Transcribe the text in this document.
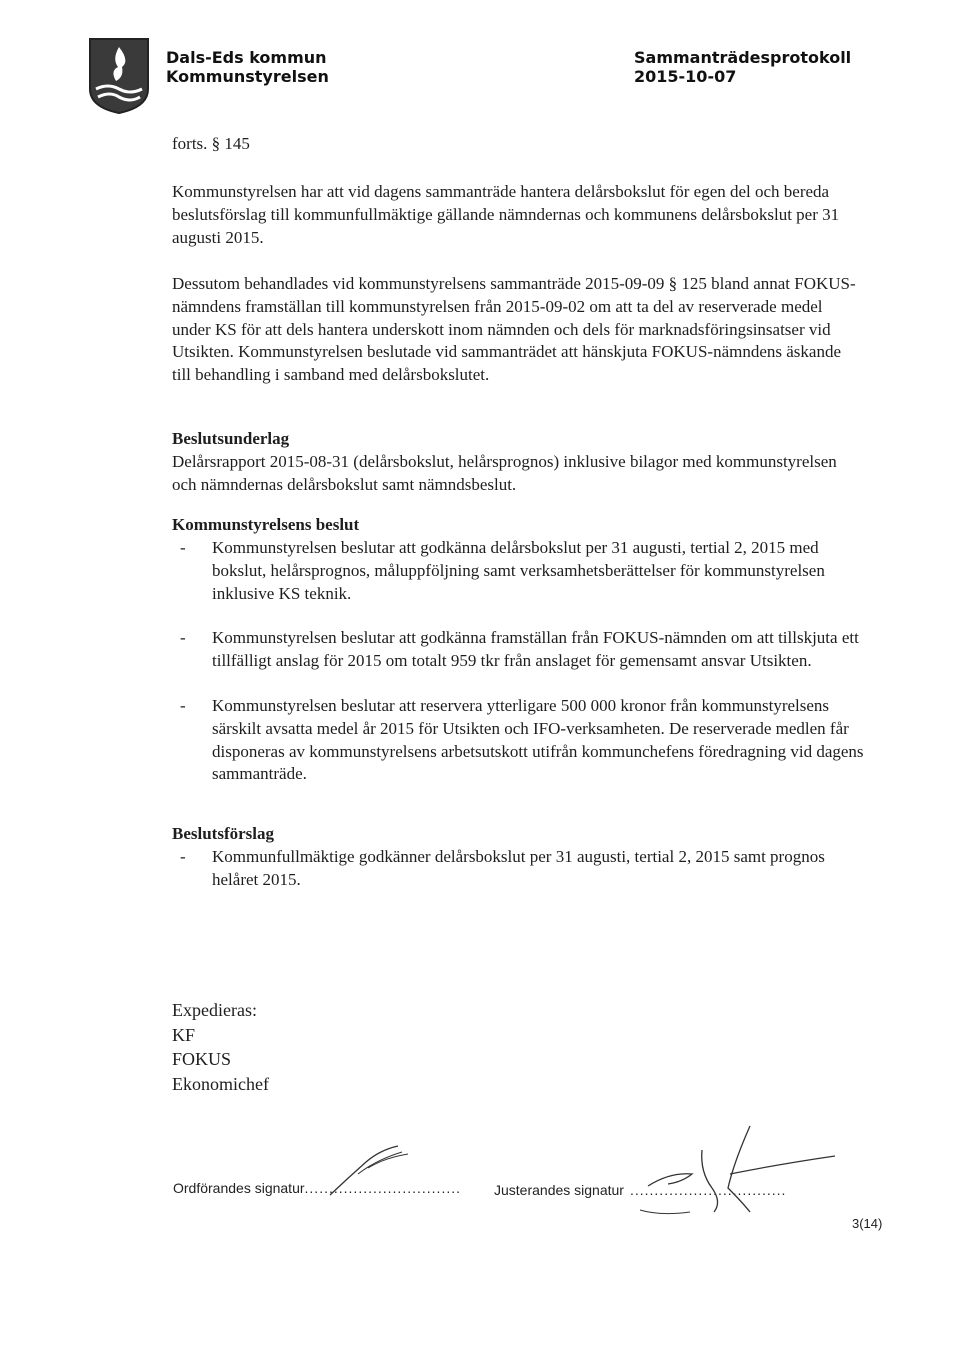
Dals-Eds kommun
Kommunstyrelsen
Sammanträdesprotokoll
2015-10-07

forts. § 145

Kommunstyrelsen har att vid dagens sammanträde hantera delårsbokslut för egen del och bereda beslutsförslag till kommunfullmäktige gällande nämndernas och kommunens delårsbokslut per 31 augusti 2015.

Dessutom behandlades vid kommunstyrelsens sammanträde 2015-09-09 § 125 bland annat FOKUS-nämndens framställan till kommunstyrelsen från 2015-09-02 om att ta del av reserverade medel under KS för att dels hantera underskott inom nämnden och dels för marknadsföringsinsatser vid Utsikten. Kommunstyrelsen beslutade vid sammanträdet att hänskjuta FOKUS-nämndens äskande till behandling i samband med delårsbokslutet.

Beslutsunderlag

Delårsrapport 2015-08-31 (delårsbokslut, helårsprognos) inklusive bilagor med kommunstyrelsen och nämndernas delårsbokslut samt nämndsbeslut.

Kommunstyrelsens beslut
-	Kommunstyrelsen beslutar att godkänna delårsbokslut per 31 augusti, tertial 2, 2015 med bokslut, helårsprognos, måluppföljning samt verksamhetsberättelser för kommunstyrelsen inklusive KS teknik.
-	Kommunstyrelsen beslutar att godkänna framställan från FOKUS-nämnden om att tillskjuta ett tillfälligt anslag för 2015 om totalt 959 tkr från anslaget för gemensamt ansvar Utsikten.
-	Kommunstyrelsen beslutar att reservera ytterligare 500 000 kronor från kommunstyrelsens särskilt avsatta medel år 2015 för Utsikten och IFO-verksamheten. De reserverade medlen får disponeras av kommunstyrelsens arbetsutskott utifrån kommunchefens föredragning vid dagens sammanträde.
Beslutsförslag
-	Kommunfullmäktige godkänner delårsbokslut per 31 augusti, tertial 2, 2015 samt prognos helåret 2015.
Expedieras:
KF
FOKUS
Ekonomichef
Ordförandes signatur................................ Justerandes signatur ................................
3(14)
